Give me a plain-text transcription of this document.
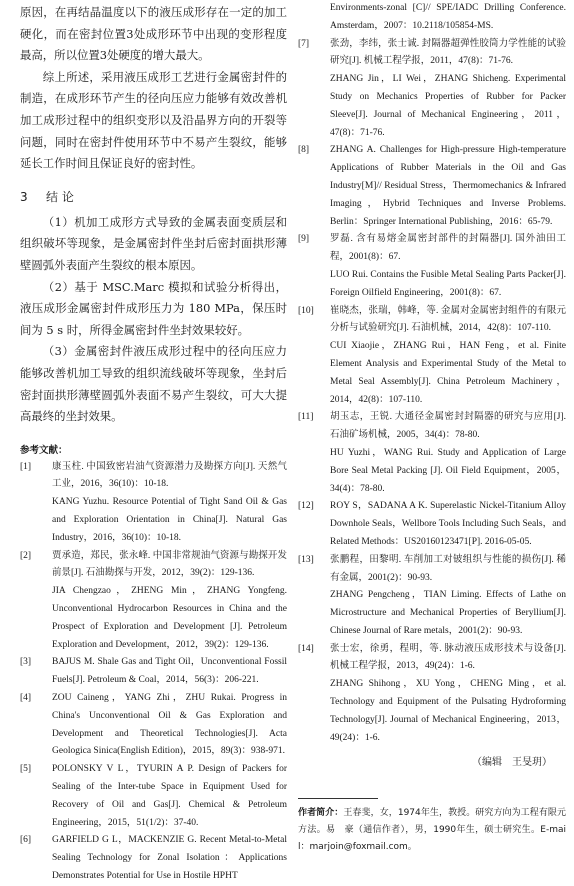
原因，在再结晶温度以下的液压成形存在一定的加工硬化，而在密封位置3处成形环节中出现的变形程度最高，所以位置3处硬度的增大最大。

综上所述，采用液压成形工艺进行金属密封件的制造，在成形环节产生的径向压应力能够有效改善机加工成形过程中的组织变形以及沿晶界方向的开裂等问题，同时在密封件使用环节中不易产生裂纹，能够延长工作时间且保证良好的密封性。

3 结 论

（1）机加工成形方式导致的金属表面变质层和组织破坏等现象，是金属密封件坐封后密封面拱形薄壁圆弧外表面产生裂纹的根本原因。

（2）基于 MSC.Marc 模拟和试验分析得出，液压成形金属密封件成形压力为 180 MPa，保压时间为 5 s 时，所得金属密封件坐封效果较好。

（3）金属密封件液压成形过程中的径向压应力能够改善机加工导致的组织流线破坏等现象，坐封后密封面拱形薄壁圆弧外表面不易产生裂纹，可大大提高最终的坐封效果。

参考文献：
[1]	康玉柱. 中国致密岩油气资源潜力及勘探方向[J]. 天然气工业，2016，36(10)：10-18.

KANG Yuzhu. Resource Potential of Tight Sand Oil & Gas and Exploration Orientation in China[J]. Natural Gas Industry，2016，36(10)：10-18.

[2]	贾承造，郑民，张永峰. 中国非常规油气资源与勘探开发前景[J]. 石油勘探与开发，2012，39(2)：129-136.

JIA Chengzao，ZHENG Min，ZHANG Yongfeng. Unconventional Hydrocarbon Resources in China and the Prospect of Exploration and Development [J]. Petroleum Exploration and Development，2012，39(2)：129-136.

[3]	BAJUS M. Shale Gas and Tight Oil，Unconventional Fossil Fuels[J]. Petroleum & Coal，2014，56(3)：206-221.

[4]	ZOU Caineng，YANG Zhi，ZHU Rukai. Progress in China's Unconventional Oil & Gas Exploration and Development and Theoretical Technologies[J]. Acta Geologica Sinica(English Edition)，2015，89(3)：938-971.

[5]	POLONSKY V L，TYURIN A P. Design of Packers for Sealing of the Inter-tube Space in Equipment Used for Recovery of Oil and Gas[J]. Chemical & Petroleum Engineering，2015，51(1/2)：37-40.

[6]	GARFIELD G L，MACKENZIE G. Recent Metal-to-Metal Sealing Technology for Zonal Isolation：Applications Demonstrates Potential for Use in Hostile HPHT

Environments-zonal [C]// SPE/IADC Drilling Conference. Amsterdam，2007：10.2118/105854-MS.

[7]	张劲，李纬，张士诚. 封隔器超弹性胶筒力学性能的试验研究[J]. 机械工程学报，2011，47(8)：71-76.

ZHANG Jin，LI Wei，ZHANG Shicheng. Experimental Study on Mechanics Properties of Rubber for Packer Sleeve[J]. Journal of Mechanical Engineering，2011，47(8)：71-76.

[8]	ZHANG A. Challenges for High-pressure High-temperature Applications of Rubber Materials in the Oil and Gas Industry[M]// Residual Stress，Thermomechanics & Infrared Imaging，Hybrid Techniques and Inverse Problems. Berlin：Springer International Publishing，2016：65-79.

[9]	罗磊. 含有易熔金属密封部件的封隔器[J]. 国外油田工程，2001(8)：67.

LUO Rui. Contains the Fusible Metal Sealing Parts Packer[J]. Foreign Oilfield Engineering，2001(8)：67.

[10]	崔晓杰，张瑞，韩峰，等. 金属对金属密封组件的有限元分析与试验研究[J]. 石油机械，2014，42(8)：107-110.

CUI Xiaojie，ZHANG Rui，HAN Feng，et al. Finite Element Analysis and Experimental Study of the Metal to Metal Seal Assembly[J]. China Petroleum Machinery，2014，42(8)：107-110.

[11]	胡玉志，王锐. 大通径金属密封封隔器的研究与应用[J]. 石油矿场机械，2005，34(4)：78-80.

HU Yuzhi，WANG Rui. Study and Application of Large Bore Seal Metal Packing [J]. Oil Field Equipment，2005，34(4)：78-80.

[12]	ROY S，SADANA A K. Superelastic Nickel-Titanium Alloy Downhole Seals，Wellbore Tools Including Such Seals，and Related Methods：US20160123471[P]. 2016-05-05.

[13]	张鹏程，田黎明. 车削加工对铍组织与性能的损伤[J]. 稀有金属，2001(2)：90-93.

ZHANG Pengcheng，TIAN Liming. Effects of Lathe on Microstructure and Mechanical Properties of Beryllium[J]. Chinese Journal of Rare metals，2001(2)：90-93.

[14]	张士宏，徐勇，程明，等. 脉动液压成形技术与设备[J]. 机械工程学报，2013，49(24)：1-6.

ZHANG Shihong，XU Yong，CHENG Ming，et al. Technology and Equipment of the Pulsating Hydroforming Technology[J]. Journal of Mechanical Engineering，2013，49(24)：1-6.

（编辑　王旻玥）

作者简介：王春斐，女，1974年生，教授。研究方向为工程有限元方法。易　豪（通信作者），男，1990年生，硕士研究生。E-mail：marjoin@foxmail.com。
